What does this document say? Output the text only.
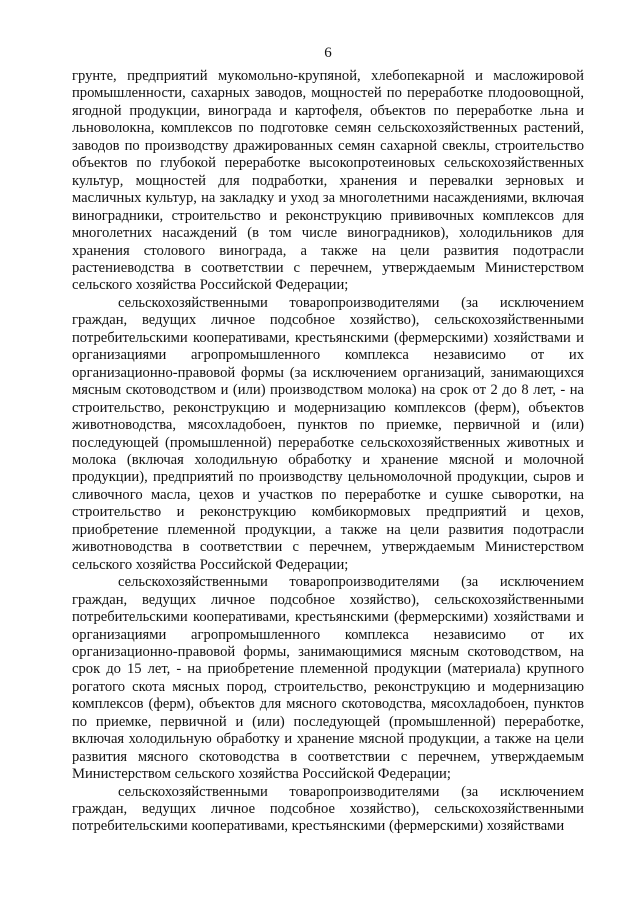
6

грунте, предприятий мукомольно-крупяной, хлебопекарной и масложировой промышленности, сахарных заводов, мощностей по переработке плодоовощной, ягодной продукции, винограда и картофеля, объектов по переработке льна и льноволокна, комплексов по подготовке семян сельскохозяйственных растений, заводов по производству дражированных семян сахарной свеклы, строительство объектов по глубокой переработке высокопротеиновых сельскохозяйственных культур, мощностей для подработки, хранения и перевалки зерновых и масличных культур, на закладку и уход за многолетними насаждениями, включая виноградники, строительство и реконструкцию прививочных комплексов для многолетних насаждений (в том числе виноградников), холодильников для хранения столового винограда, а также на цели развития подотрасли растениеводства в соответствии с перечнем, утверждаемым Министерством сельского хозяйства Российской Федерации;

сельскохозяйственными товаропроизводителями (за исключением граждан, ведущих личное подсобное хозяйство), сельскохозяйственными потребительскими кооперативами, крестьянскими (фермерскими) хозяйствами и организациями агропромышленного комплекса независимо от их организационно-правовой формы (за исключением организаций, занимающихся мясным скотоводством и (или) производством молока) на срок от 2 до 8 лет, - на строительство, реконструкцию и модернизацию комплексов (ферм), объектов животноводства, мясохладобоен, пунктов по приемке, первичной и (или) последующей (промышленной) переработке сельскохозяйственных животных и молока (включая холодильную обработку и хранение мясной и молочной продукции), предприятий по производству цельномолочной продукции, сыров и сливочного масла, цехов и участков по переработке и сушке сыворотки, на строительство и реконструкцию комбикормовых предприятий и цехов, приобретение племенной продукции, а также на цели развития подотрасли животноводства в соответствии с перечнем, утверждаемым Министерством сельского хозяйства Российской Федерации;

сельскохозяйственными товаропроизводителями (за исключением граждан, ведущих личное подсобное хозяйство), сельскохозяйственными потребительскими кооперативами, крестьянскими (фермерскими) хозяйствами и организациями агропромышленного комплекса независимо от их организационно-правовой формы, занимающимися мясным скотоводством, на срок до 15 лет, - на приобретение племенной продукции (материала) крупного рогатого скота мясных пород, строительство, реконструкцию и модернизацию комплексов (ферм), объектов для мясного скотоводства, мясохладобоен, пунктов по приемке, первичной и (или) последующей (промышленной) переработке, включая холодильную обработку и хранение мясной продукции, а также на цели развития мясного скотоводства в соответствии с перечнем, утверждаемым Министерством сельского хозяйства Российской Федерации;

сельскохозяйственными товаропроизводителями (за исключением граждан, ведущих личное подсобное хозяйство), сельскохозяйственными потребительскими кооперативами, крестьянскими (фермерскими) хозяйствами
